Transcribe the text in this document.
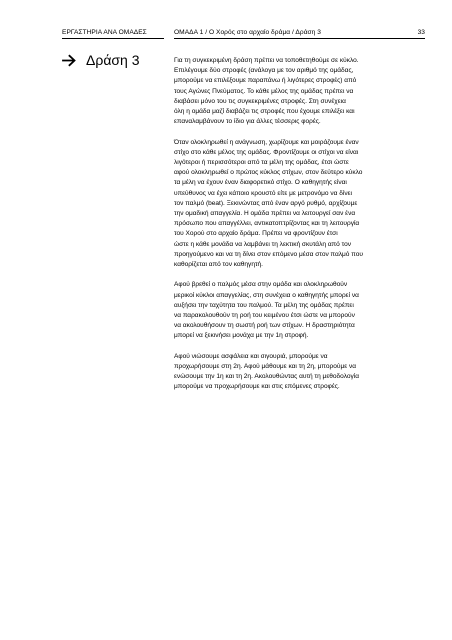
ΕΡΓΑΣΤΗΡΙΑ ΑΝΑ ΟΜΑΔΕΣ	ΟΜΑΔΑ 1 / Ο Χορός στο αρχαίο δράμα / Δράση 3	33
Δράση 3	Για τη συγκεκριμένη δράση πρέπει να τοποθετηθούμε σε κύκλο.
Επιλέγουμε δύο στροφές (ανάλογα με τον αριθμό της ομάδας,
μπορούμε να επιλέξουμε παραπάνω ή λιγότερες στροφές) από
τους Αγώνες Πνεύματος. Το κάθε μέλος της ομάδας πρέπει να
διαβάσει μόνο του τις συγκεκριμένες στροφές. Στη συνέχεια
όλη η ομάδα μαζί διαβάζει τις στροφές που έχουμε επιλέξει και
επαναλαμβάνουν το ίδιο για άλλες τέσσερις φορές.

Όταν ολοκληρωθεί η ανάγνωση, χωρίζουμε και μοιράζουμε έναν
στίχο στο κάθε μέλος της ομάδας. Φροντίζουμε οι στίχοι να είναι
λιγότεροι ή περισσότεροι από τα μέλη της ομάδας, έτσι ώστε
αφού ολοκληρωθεί ο πρώτος κύκλος στίχων, στον δεύτερο κύκλο
τα μέλη να έχουν έναν διαφορετικό στίχο. Ο καθηγητής είναι
υπεύθυνος να έχει κάποιο κρουστό είτε με μετρονόμο να δίνει
τον παλμό (beat). Ξεκινώντας από έναν αργό ρυθμό, αρχίζουμε
την ομαδική απαγγελία. Η ομάδα πρέπει να λειτουργεί σαν ένα
πρόσωπο που απαγγέλλει, αντικατοπτρίζοντας και τη λειτουργία
του Χορού στο αρχαίο δράμα. Πρέπει να φροντίζουν έτσι
ώστε η κάθε μονάδα να λαμβάνει τη λεκτική σκυτάλη από τον
προηγούμενο και να τη δίνει στον επόμενο μέσα στον παλμό που
καθορίζεται από τον καθηγητή.

Αφού βρεθεί ο παλμός μέσα στην ομάδα και ολοκληρωθούν
μερικοί κύκλοι απαγγελίας, στη συνέχεια ο καθηγητής μπορεί να
αυξήσει την ταχύτητα του παλμού. Τα μέλη της ομάδας πρέπει
να παρακολουθούν τη ροή του κειμένου έτσι ώστε να μπορούν
να ακολουθήσουν τη σωστή ροή των στίχων. Η δραστηριότητα
μπορεί να ξεκινήσει μονάχα με την 1η στροφή.

Αφού νιώσουμε ασφάλεια και σιγουριά, μπορούμε να
προχωρήσουμε στη 2η. Αφού μάθουμε και τη 2η, μπορούμε να
ενώσουμε την 1η και τη 2η. Ακολουθώντας αυτή τη μεθοδολογία
μπορούμε να προχωρήσουμε και στις επόμενες στροφές.
